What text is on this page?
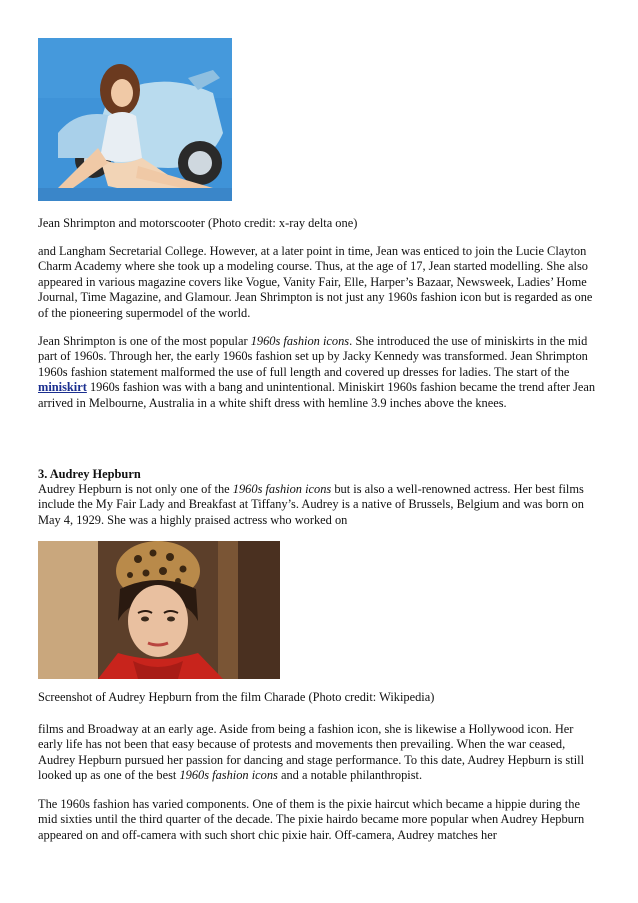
Jean Shrimpton and motorscooter (Photo credit: x-ray delta one)

and Langham Secretarial College. However, at a later point in time, Jean was enticed to join the Lucie Clayton Charm Academy where she took up a modeling course. Thus, at the age of 17, Jean started modelling. She also appeared in various magazine covers like Vogue, Vanity Fair, Elle, Harper’s Bazaar, Newsweek, Ladies’ Home Journal, Time Magazine, and Glamour. Jean Shrimpton is not just any 1960s fashion icon but is regarded as one of the pioneering supermodel of the world.

Jean Shrimpton is one of the most popular 1960s fashion icons. She introduced the use of miniskirts in the mid part of 1960s. Through her, the early 1960s fashion set up by Jacky Kennedy was transformed. Jean Shrimpton 1960s fashion statement malformed the use of full length and covered up dresses for ladies. The start of the miniskirt 1960s fashion was with a bang and unintentional. Miniskirt 1960s fashion became the trend after Jean arrived in Melbourne, Australia in a white shift dress with hemline 3.9 inches above the knees.

3. Audrey Hepburn

Audrey Hepburn is not only one of the 1960s fashion icons but is also a well-renowned actress. Her best films include the My Fair Lady and Breakfast at Tiffany’s. Audrey is a native of Brussels, Belgium and was born on May 4, 1929. She was a highly praised actress who worked on

Screenshot of Audrey Hepburn from the film Charade (Photo credit: Wikipedia)

films and Broadway at an early age. Aside from being a fashion icon, she is likewise a Hollywood icon. Her early life has not been that easy because of protests and movements then prevailing. When the war ceased, Audrey Hepburn pursued her passion for dancing and stage performance. To this date, Audrey Hepburn is still looked up as one of the best 1960s fashion icons and a notable philanthropist.

The 1960s fashion has varied components. One of them is the pixie haircut which became a hippie during the mid sixties until the third quarter of the decade. The pixie hairdo became more popular when Audrey Hepburn appeared on and off-camera with such short chic pixie hair. Off-camera, Audrey matches her
